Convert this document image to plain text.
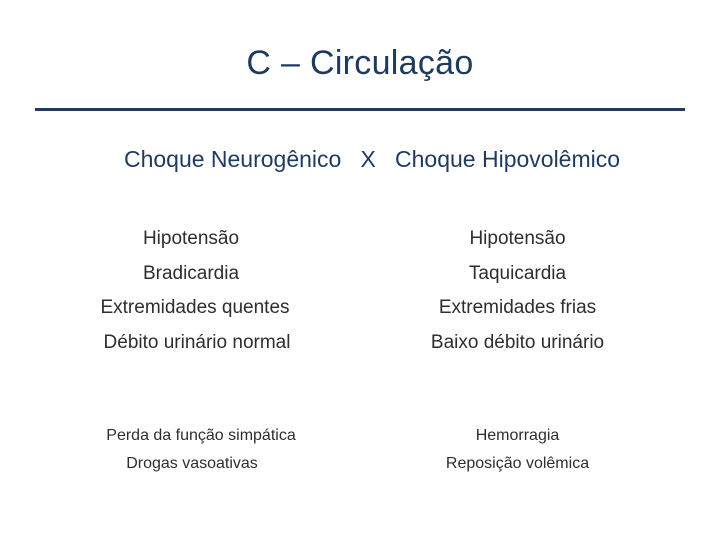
C – Circulação
Choque Neurogênico   X   Choque Hipovolêmico
Hipotensão
Bradicardia
Extremidades quentes
Débito urinário normal
Hipotensão
Taquicardia
Extremidades frias
Baixo débito urinário
Perda da função simpática
Drogas vasoativas
Hemorragia
Reposição volêmica
